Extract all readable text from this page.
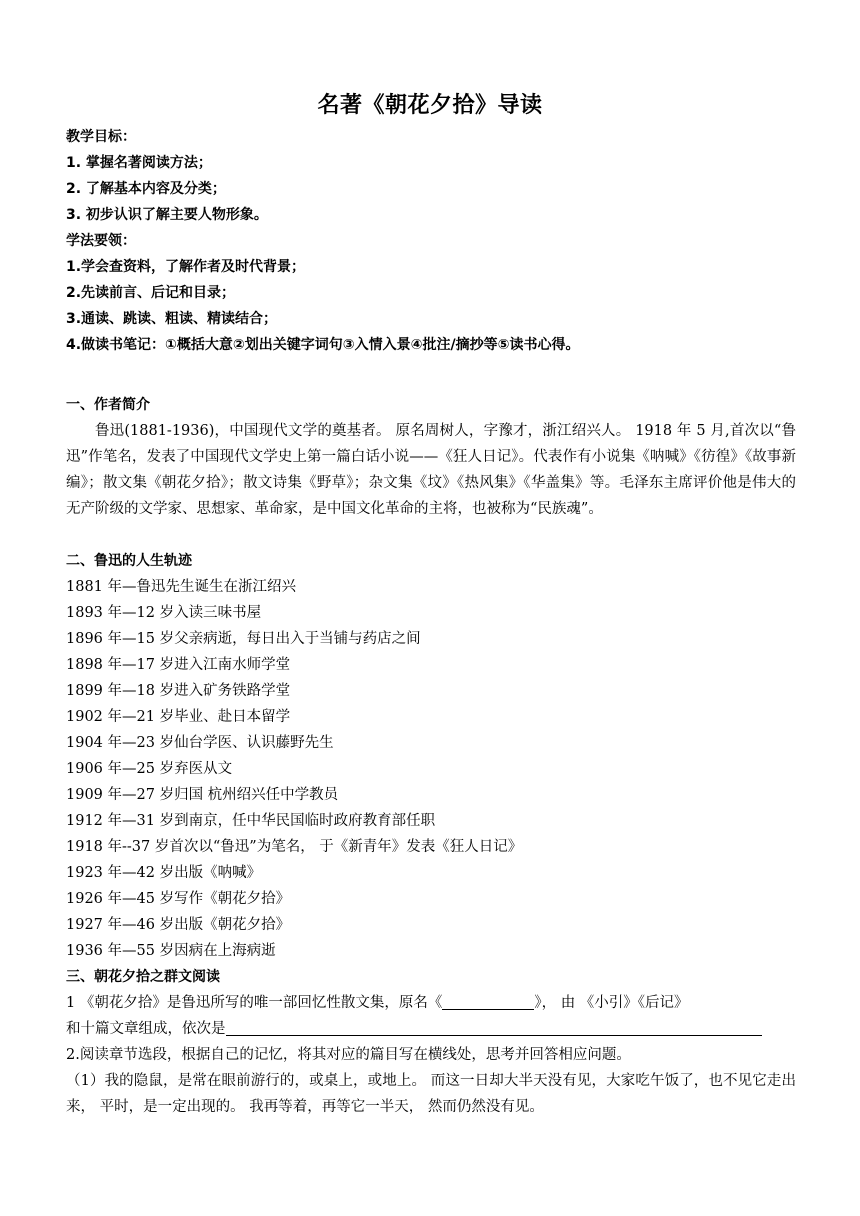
名著《朝花夕拾》导读
教学目标：
1. 掌握名著阅读方法；
2. 了解基本内容及分类；
3. 初步认识了解主要人物形象。
学法要领：
1.学会查资料，了解作者及时代背景；
2.先读前言、后记和目录；
3.通读、跳读、粗读、精读结合；
4.做读书笔记：①概括大意②划出关键字词句③入情入景④批注/摘抄等⑤读书心得。
一、作者简介
鲁迅(1881-1936)，中国现代文学的奠基者。 原名周树人，字豫才，浙江绍兴人。 1918 年 5 月,首次以“鲁迅”作笔名，发表了中国现代文学史上第一篇白话小说——《狂人日记》。代表作有小说集《呐喊》《彷徨》《故事新编》；散文集《朝花夕拾》；散文诗集《野草》；杂文集《坟》《热风集》《华盖集》等。毛泽东主席评价他是伟大的无产阶级的文学家、思想家、革命家，是中国文化革命的主将，也被称为“民族魂”。
二、鲁迅的人生轨迹
1881 年—鲁迅先生诞生在浙江绍兴
1893 年—12 岁入读三味书屋
1896 年—15 岁父亲病逝，每日出入于当铺与药店之间
1898 年—17 岁进入江南水师学堂
1899 年—18 岁进入矿务铁路学堂
1902 年—21 岁毕业、赴日本留学
1904 年—23 岁仙台学医、认识藤野先生
1906 年—25 岁弃医从文
1909 年—27 岁归国 杭州绍兴任中学教员
1912 年—31 岁到南京，任中华民国临时政府教育部任职
1918 年--37 岁首次以“鲁迅”为笔名， 于《新青年》发表《狂人日记》
1923 年—42 岁出版《呐喊》
1926 年—45 岁写作《朝花夕拾》
1927 年—46 岁出版《朝花夕拾》
1936 年—55 岁因病在上海病逝
三、朝花夕拾之群文阅读
1 《朝花夕拾》是鲁迅所写的唯一部回忆性散文集，原名《	》， 由 《小引》《后记》
和十篇文章组成，依次是
2.阅读章节选段，根据自己的记忆，将其对应的篇目写在横线处，思考并回答相应问题。
（1）我的隐鼠，是常在眼前游行的，或桌上，或地上。 而这一日却大半天没有见，大家吃午饭了，也不见它走出来， 平时，是一定出现的。 我再等着，再等它一半天， 然而仍然没有见。
